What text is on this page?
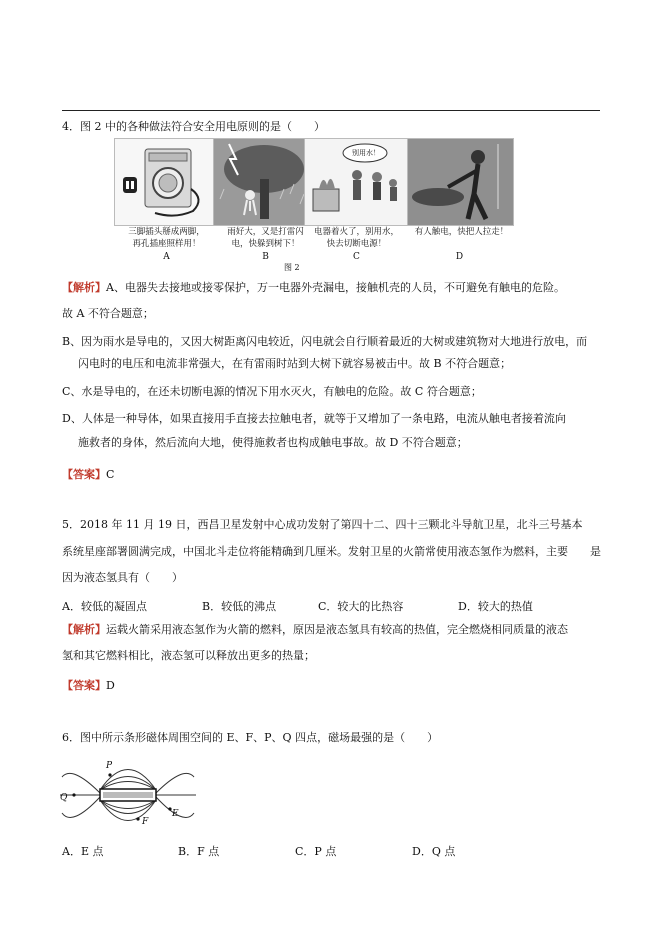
4．图 2 中的各种做法符合安全用电原则的是（　　）
别用水！
三脚插头掰成两脚，
再孔插座照样用！
雨好大，又是打雷闪
电，快躲到树下！
电器着火了，别用水，
快去切断电源！
有人触电，快把人拉走！
A	B	C	D
图 2
【解析】A、电器失去接地或接零保护，万一电器外壳漏电，接触机壳的人员，不可避免有触电的危险。
故 A 不符合题意；
B、因为雨水是导电的，又因大树距离闪电较近，闪电就会自行顺着最近的大树或建筑物对大地进行放电，而
闪电时的电压和电流非常强大，在有雷雨时站到大树下就容易被击中。故 B 不符合题意；
C、水是导电的，在还未切断电源的情况下用水灭火，有触电的危险。故 C 符合题意；
D、人体是一种导体，如果直接用手直接去拉触电者，就等于又增加了一条电路，电流从触电者接着流向
施救者的身体，然后流向大地，使得施救者也构成触电事故。故 D 不符合题意；
【答案】C
5．2018 年 11 月 19 日，西昌卫星发射中心成功发射了第四十二、四十三颗北斗导航卫星，北斗三号基本
系统星座部署圆满完成，中国北斗走位将能精确到几厘米。发射卫星的火箭常使用液态氢作为燃料，主要　　是
因为液态氢具有（　　）
A．较低的凝固点	B．较低的沸点	C．较大的比热容	D．较大的热值
【解析】运载火箭采用液态氢作为火箭的燃料，原因是液态氢具有较高的热值，完全燃烧相同质量的液态
氢和其它燃料相比，液态氢可以释放出更多的热量；
【答案】D
6．图中所示条形磁体周围空间的 E、F、P、Q 四点，磁场最强的是（　　）
Q
P
F
E
A．E 点	B．F 点	C．P 点	D．Q 点
